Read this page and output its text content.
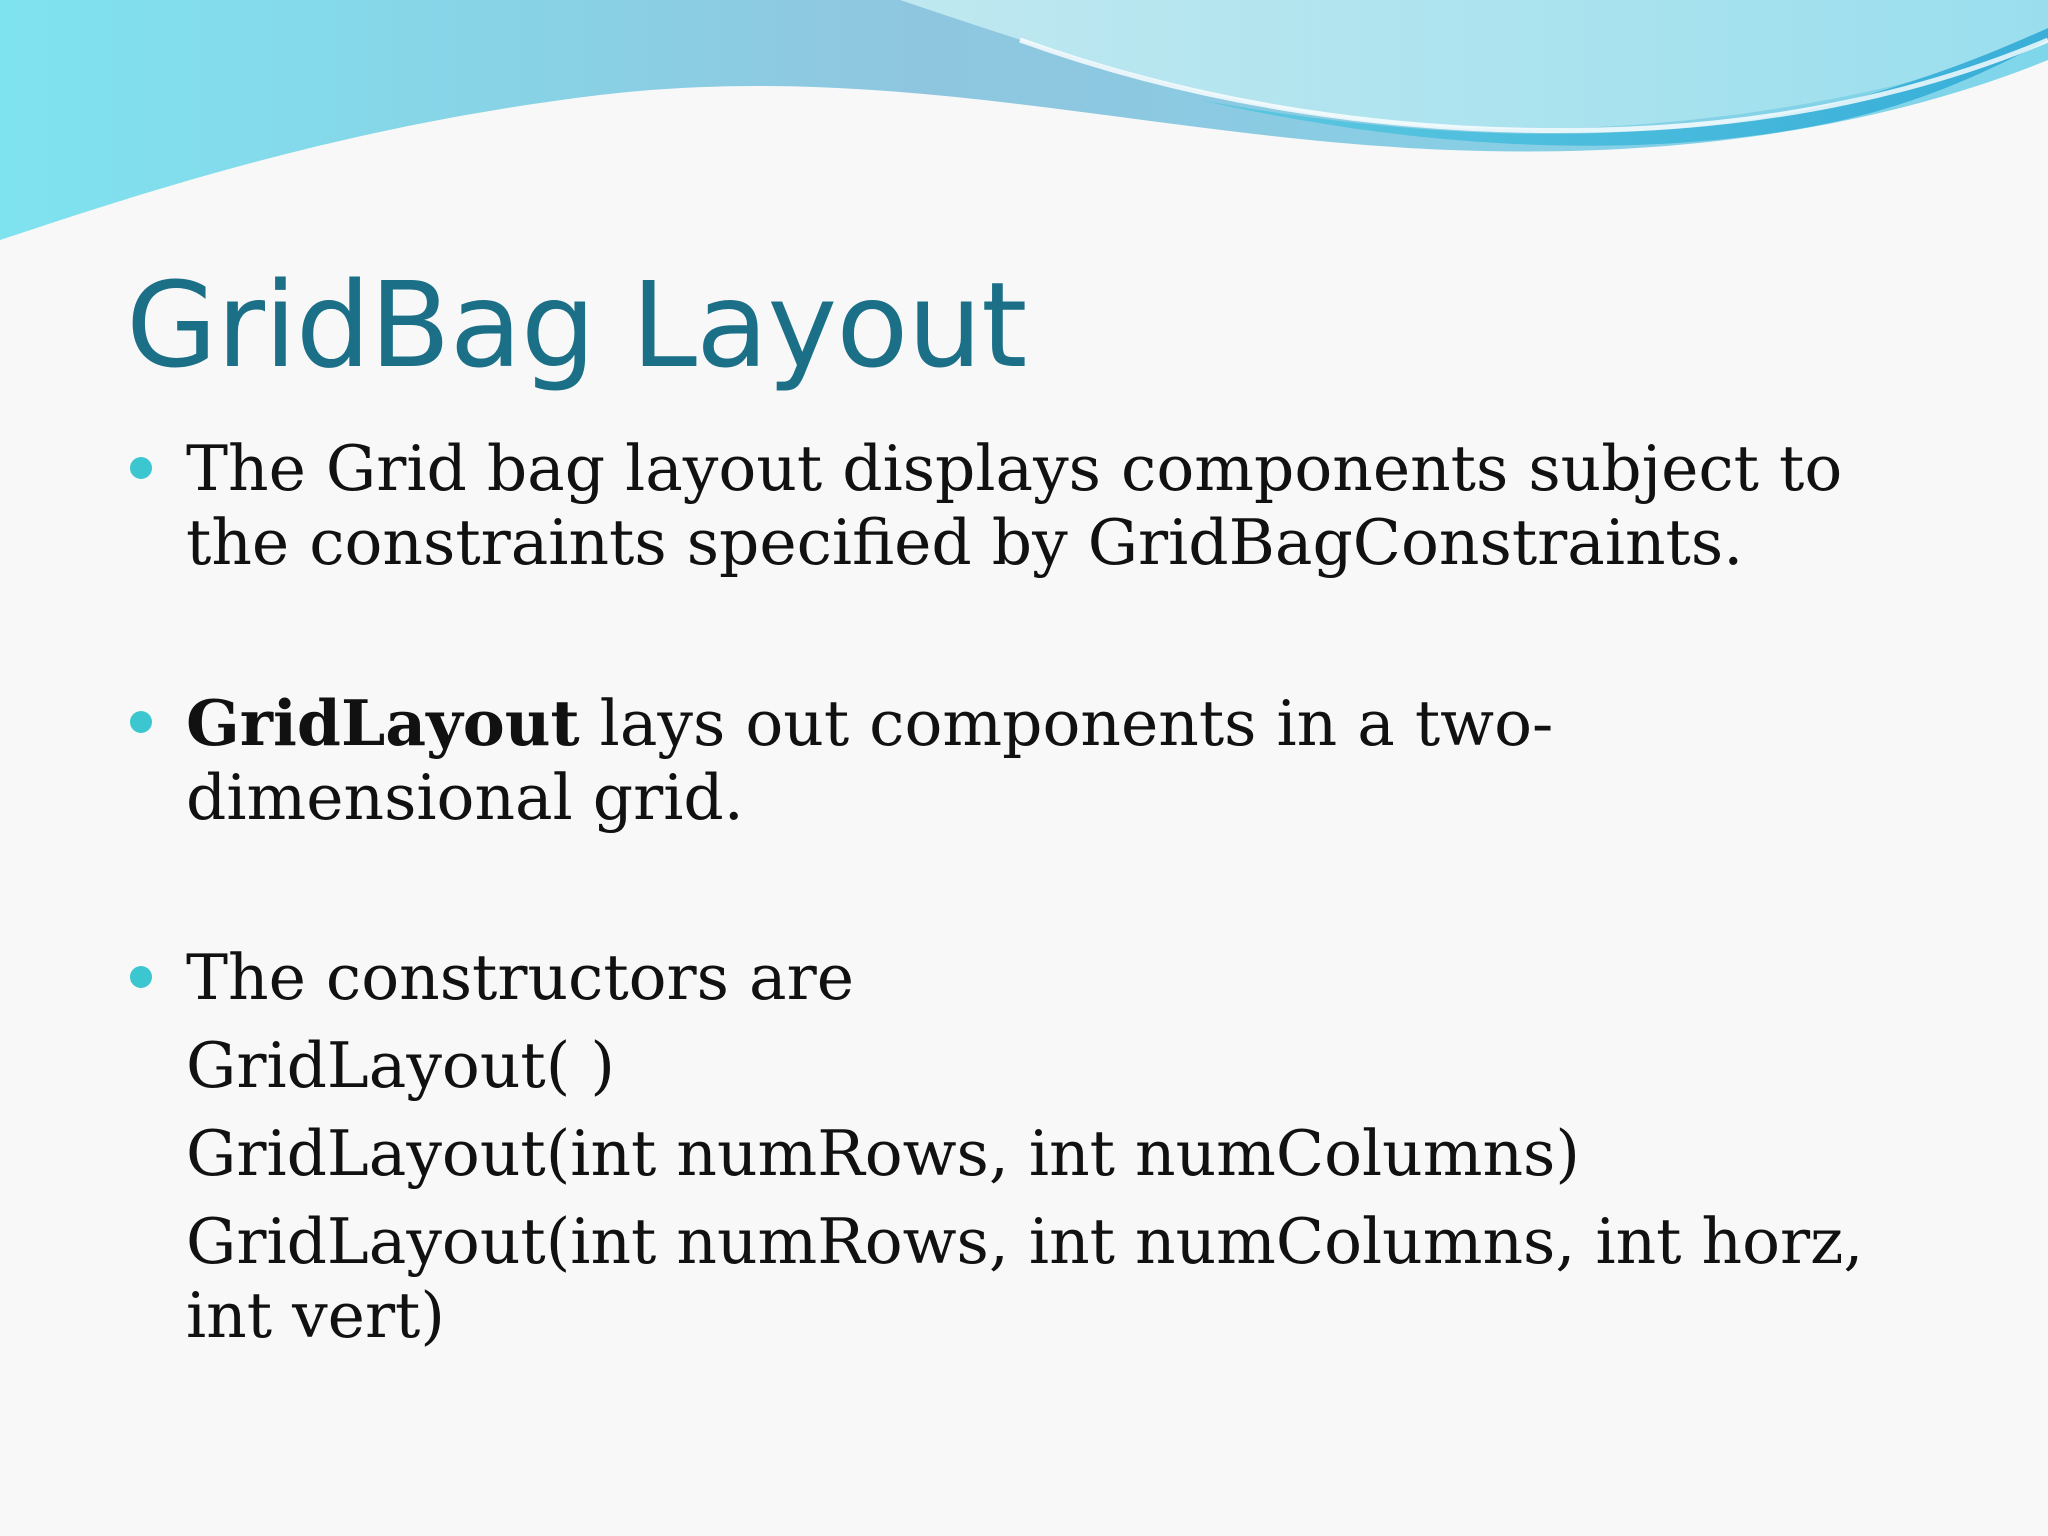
GridBag Layout
The Grid bag layout displays components subject to the constraints specified by GridBagConstraints.
GridLayout lays out components in a two-dimensional grid.
The constructors are
GridLayout( )
GridLayout(int numRows, int numColumns)
GridLayout(int numRows, int numColumns, int horz, int vert)
